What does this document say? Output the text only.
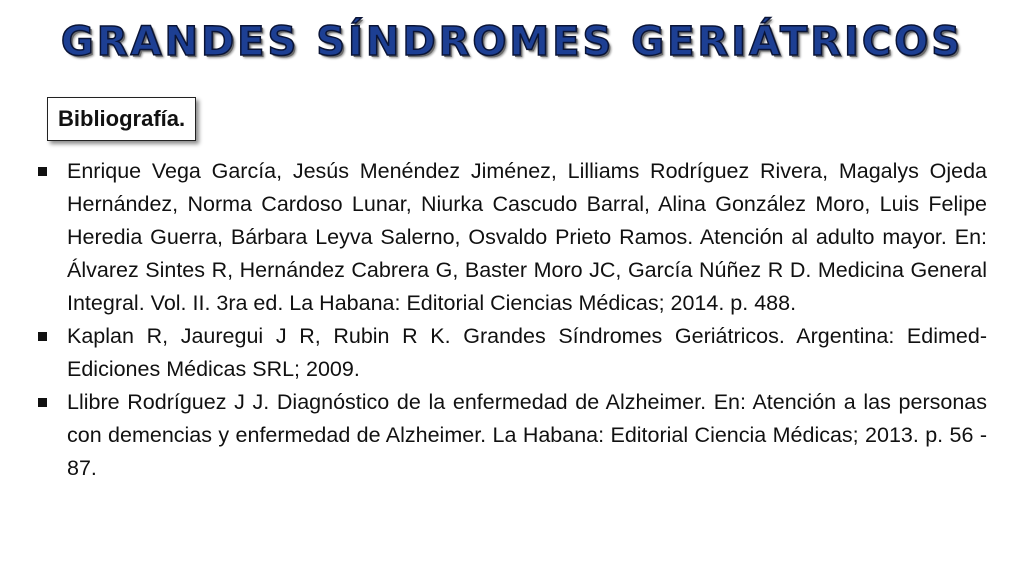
GRANDES SÍNDROMES GERIÁTRICOS
Bibliografía.
Enrique Vega García, Jesús Menéndez Jiménez, Lilliams Rodríguez Rivera, Magalys Ojeda Hernández, Norma Cardoso Lunar, Niurka Cascudo Barral, Alina González Moro, Luis Felipe Heredia Guerra, Bárbara Leyva Salerno, Osvaldo Prieto Ramos. Atención al adulto mayor. En: Álvarez Sintes R, Hernández Cabrera G, Baster Moro JC, García Núñez R D. Medicina General Integral. Vol. II. 3ra ed. La Habana: Editorial Ciencias Médicas; 2014. p. 488.
Kaplan R, Jauregui J R, Rubin R K. Grandes Síndromes Geriátricos. Argentina: Edimed-Ediciones Médicas SRL; 2009.
Llibre Rodríguez J J. Diagnóstico de la enfermedad de Alzheimer. En: Atención a las personas con demencias y enfermedad de Alzheimer. La Habana: Editorial Ciencia Médicas; 2013. p. 56 - 87.
